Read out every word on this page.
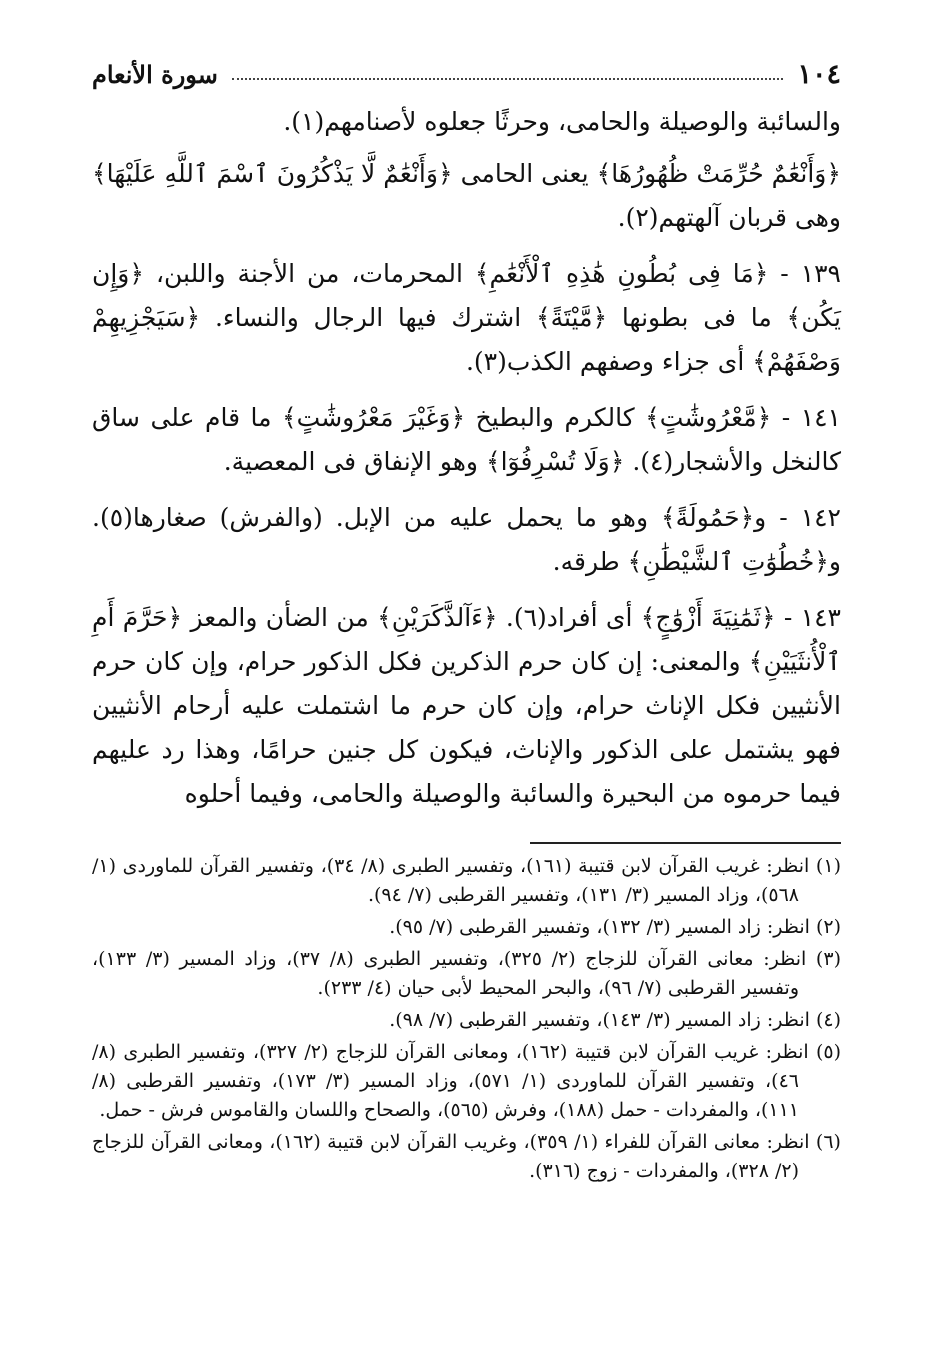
١٠٤
سورة الأنعام

والسائبة والوصيلة والحامى، وحرثًا جعلوه لأصنامهم(١).

﴿وَأَنْعَٰمٌ حُرِّمَتْ ظُهُورُهَا﴾ يعنى الحامى ﴿وَأَنْعَٰمٌ لَّا يَذْكُرُونَ ٱسْمَ ٱللَّهِ عَلَيْهَا﴾ وهى قربان آلهتهم(٢).

١٣٩ - ﴿مَا فِى بُطُونِ هَٰذِهِ ٱلْأَنْعَٰمِ﴾ المحرمات، من الأجنة واللبن، ﴿وَإِن يَكُن﴾ ما فى بطونها ﴿مَّيْتَةً﴾ اشترك فيها الرجال والنساء. ﴿سَيَجْزِيهِمْ وَصْفَهُمْ﴾ أى جزاء وصفهم الكذب(٣).

١٤١ - ﴿مَّعْرُوشَٰتٍ﴾ كالكرم والبطيخ ﴿وَغَيْرَ مَعْرُوشَٰتٍ﴾ ما قام على ساق كالنخل والأشجار(٤). ﴿وَلَا تُسْرِفُوٓا﴾ وهو الإنفاق فى المعصية.

١٤٢ - و﴿حَمُولَةً﴾ وهو ما يحمل عليه من الإبل. (والفرش) صغارها(٥). و﴿خُطُوَٰتِ ٱلشَّيْطَٰنِ﴾ طرقه.

١٤٣ - ﴿ثَمَٰنِيَةَ أَزْوَٰجٍ﴾ أى أفراد(٦). ﴿ءَآلذَّكَرَيْنِ﴾ من الضأن والمعز ﴿حَرَّمَ أَمِ ٱلْأُنثَيَيْنِ﴾ والمعنى: إن كان حرم الذكرين فكل الذكور حرام، وإن كان حرم الأنثيين فكل الإناث حرام، وإن كان حرم ما اشتملت عليه أرحام الأنثيين فهو يشتمل على الذكور والإناث، فيكون كل جنين حرامًا، وهذا رد عليهم فيما حرموه من البحيرة والسائبة والوصيلة والحامى، وفيما أحلوه

(١) انظر: غريب القرآن لابن قتيبة (١٦١)، وتفسير الطبرى (٨/ ٣٤)، وتفسير القرآن للماوردى (١/ ٥٦٨)، وزاد المسير (٣/ ١٣١)، وتفسير القرطبى (٧/ ٩٤).

(٢) انظر: زاد المسير (٣/ ١٣٢)، وتفسير القرطبى (٧/ ٩٥).

(٣) انظر: معانى القرآن للزجاج (٢/ ٣٢٥)، وتفسير الطبرى (٨/ ٣٧)، وزاد المسير (٣/ ١٣٣)، وتفسير القرطبى (٧/ ٩٦)، والبحر المحيط لأبى حيان (٤/ ٢٣٣).

(٤) انظر: زاد المسير (٣/ ١٤٣)، وتفسير القرطبى (٧/ ٩٨).

(٥) انظر: غريب القرآن لابن قتيبة (١٦٢)، ومعانى القرآن للزجاج (٢/ ٣٢٧)، وتفسير الطبرى (٨/ ٤٦)، وتفسير القرآن للماوردى (١/ ٥٧١)، وزاد المسير (٣/ ١٧٣)، وتفسير القرطبى (٨/ ١١١)، والمفردات - حمل (١٨٨)، وفرش (٥٦٥)، والصحاح واللسان والقاموس فرش - حمل.

(٦) انظر: معانى القرآن للفراء (١/ ٣٥٩)، وغريب القرآن لابن قتيبة (١٦٢)، ومعانى القرآن للزجاج (٢/ ٣٢٨)، والمفردات - زوج (٣١٦).
